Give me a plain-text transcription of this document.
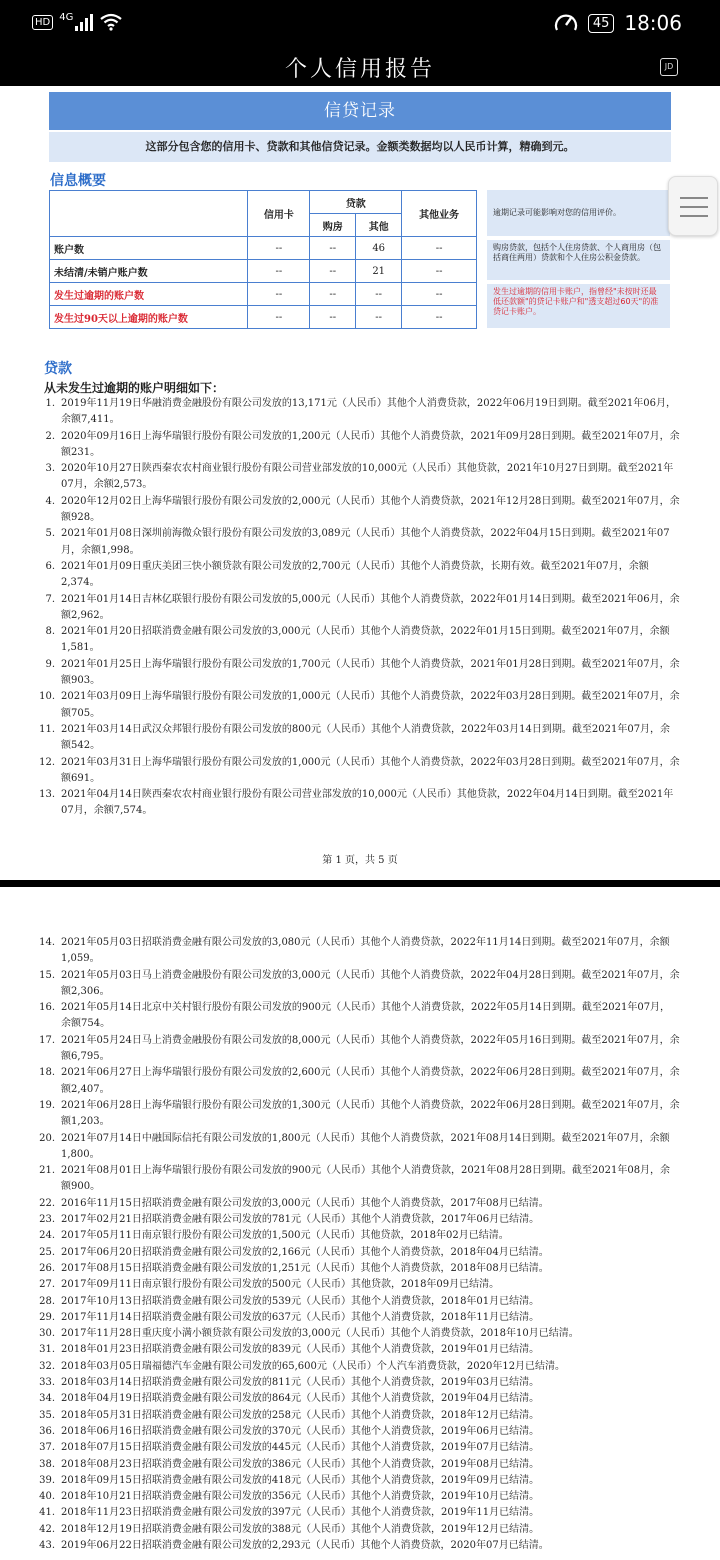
HD 4G	45 18:06
个人信用报告	JD
信贷记录
这部分包含您的信用卡、贷款和其他信贷记录。金额类数据均以人民币计算，精确到元。
信息概要
	信用卡	贷款		其他业务
		购房	其他	
账户数	--	--	46	--
未结清/未销户账户数	--	--	21	--
发生过逾期的账户数	--	--	--	--
发生过90天以上逾期的账户数	--	--	--	--
逾期记录可能影响对您的信用评价。
购房贷款，包括个人住房贷款、个人商用房（包括商住两用）贷款和个人住房公积金贷款。
发生过逾期的信用卡账户，指曾经"未按时还最低还款额"的贷记卡账户和"透支超过60天"的准贷记卡账户。
贷款
从未发生过逾期的账户明细如下：
1. 2019年11月19日华融消费金融股份有限公司发放的13,171元（人民币）其他个人消费贷款，2022年06月19日到期。截至2021年06月，余额7,411。
2. 2020年09月16日上海华瑞银行股份有限公司发放的1,200元（人民币）其他个人消费贷款，2021年09月28日到期。截至2021年07月，余额231。
3. 2020年10月27日陕西秦农农村商业银行股份有限公司营业部发放的10,000元（人民币）其他贷款，2021年10月27日到期。截至2021年07月，余额2,573。
4. 2020年12月02日上海华瑞银行股份有限公司发放的2,000元（人民币）其他个人消费贷款，2021年12月28日到期。截至2021年07月，余额928。
5. 2021年01月08日深圳前海微众银行股份有限公司发放的3,089元（人民币）其他个人消费贷款，2022年04月15日到期。截至2021年07月，余额1,998。
6. 2021年01月09日重庆美团三快小额贷款有限公司发放的2,700元（人民币）其他个人消费贷款，长期有效。截至2021年07月，余额2,374。
7. 2021年01月14日吉林亿联银行股份有限公司发放的5,000元（人民币）其他个人消费贷款，2022年01月14日到期。截至2021年06月，余额2,962。
8. 2021年01月20日招联消费金融有限公司发放的3,000元（人民币）其他个人消费贷款，2022年01月15日到期。截至2021年07月，余额1,581。
9. 2021年01月25日上海华瑞银行股份有限公司发放的1,700元（人民币）其他个人消费贷款，2021年01月28日到期。截至2021年07月，余额903。
10. 2021年03月09日上海华瑞银行股份有限公司发放的1,000元（人民币）其他个人消费贷款，2022年03月28日到期。截至2021年07月，余额705。
11. 2021年03月14日武汉众邦银行股份有限公司发放的800元（人民币）其他个人消费贷款，2022年03月14日到期。截至2021年07月，余额542。
12. 2021年03月31日上海华瑞银行股份有限公司发放的1,000元（人民币）其他个人消费贷款，2022年03月28日到期。截至2021年07月，余额691。
13. 2021年04月14日陕西秦农农村商业银行股份有限公司营业部发放的10,000元（人民币）其他贷款，2022年04月14日到期。截至2021年07月，余额7,574。
第 1 页，共 5 页
14. 2021年05月03日招联消费金融有限公司发放的3,080元（人民币）其他个人消费贷款，2022年11月14日到期。截至2021年07月，余额1,059。
15. 2021年05月03日马上消费金融股份有限公司发放的3,000元（人民币）其他个人消费贷款，2022年04月28日到期。截至2021年07月，余额2,306。
16. 2021年05月14日北京中关村银行股份有限公司发放的900元（人民币）其他个人消费贷款，2022年05月14日到期。截至2021年07月，余额754。
17. 2021年05月24日马上消费金融股份有限公司发放的8,000元（人民币）其他个人消费贷款，2022年05月16日到期。截至2021年07月，余额6,795。
18. 2021年06月27日上海华瑞银行股份有限公司发放的2,600元（人民币）其他个人消费贷款，2022年06月28日到期。截至2021年07月，余额2,407。
19. 2021年06月28日上海华瑞银行股份有限公司发放的1,300元（人民币）其他个人消费贷款，2022年06月28日到期。截至2021年07月，余额1,203。
20. 2021年07月14日中融国际信托有限公司发放的1,800元（人民币）其他个人消费贷款，2021年08月14日到期。截至2021年07月，余额1,800。
21. 2021年08月01日上海华瑞银行股份有限公司发放的900元（人民币）其他个人消费贷款，2021年08月28日到期。截至2021年08月，余额900。
22. 2016年11月15日招联消费金融有限公司发放的3,000元（人民币）其他个人消费贷款，2017年08月已结清。
23. 2017年02月21日招联消费金融有限公司发放的781元（人民币）其他个人消费贷款，2017年06月已结清。
24. 2017年05月11日南京银行股份有限公司发放的1,500元（人民币）其他贷款，2018年02月已结清。
25. 2017年06月20日招联消费金融有限公司发放的2,166元（人民币）其他个人消费贷款，2018年04月已结清。
26. 2017年08月15日招联消费金融有限公司发放的1,251元（人民币）其他个人消费贷款，2018年08月已结清。
27. 2017年09月11日南京银行股份有限公司发放的500元（人民币）其他贷款，2018年09月已结清。
28. 2017年10月13日招联消费金融有限公司发放的539元（人民币）其他个人消费贷款，2018年01月已结清。
29. 2017年11月14日招联消费金融有限公司发放的637元（人民币）其他个人消费贷款，2018年11月已结清。
30. 2017年11月28日重庆度小满小额贷款有限公司发放的3,000元（人民币）其他个人消费贷款，2018年10月已结清。
31. 2018年01月23日招联消费金融有限公司发放的839元（人民币）其他个人消费贷款，2019年01月已结清。
32. 2018年03月05日瑞福德汽车金融有限公司发放的65,600元（人民币）个人汽车消费贷款，2020年12月已结清。
33. 2018年03月14日招联消费金融有限公司发放的811元（人民币）其他个人消费贷款，2019年03月已结清。
34. 2018年04月19日招联消费金融有限公司发放的864元（人民币）其他个人消费贷款，2019年04月已结清。
35. 2018年05月31日招联消费金融有限公司发放的258元（人民币）其他个人消费贷款，2018年12月已结清。
36. 2018年06月16日招联消费金融有限公司发放的370元（人民币）其他个人消费贷款，2019年06月已结清。
37. 2018年07月15日招联消费金融有限公司发放的445元（人民币）其他个人消费贷款，2019年07月已结清。
38. 2018年08月23日招联消费金融有限公司发放的386元（人民币）其他个人消费贷款，2019年08月已结清。
39. 2018年09月15日招联消费金融有限公司发放的418元（人民币）其他个人消费贷款，2019年09月已结清。
40. 2018年10月21日招联消费金融有限公司发放的356元（人民币）其他个人消费贷款，2019年10月已结清。
41. 2018年11月23日招联消费金融有限公司发放的397元（人民币）其他个人消费贷款，2019年11月已结清。
42. 2018年12月19日招联消费金融有限公司发放的388元（人民币）其他个人消费贷款，2019年12月已结清。
43. 2019年06月22日招联消费金融有限公司发放的2,293元（人民币）其他个人消费贷款，2020年07月已结清。
